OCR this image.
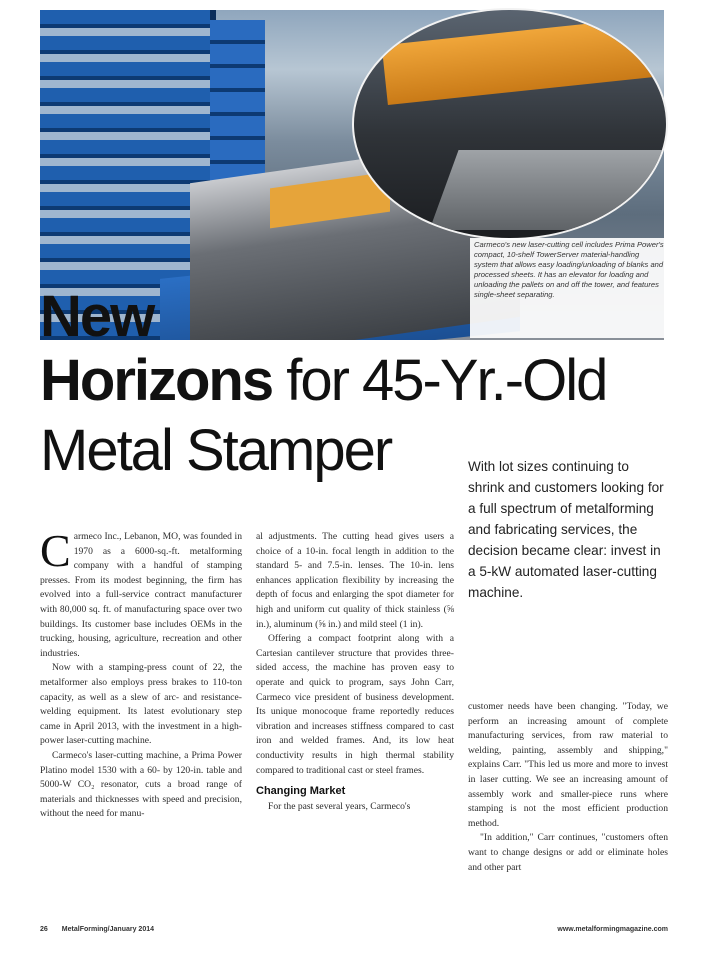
Carmeco's new laser-cutting cell includes Prima Power's compact, 10-shelf TowerServer material-handling system that allows easy loading/unloading of blanks and processed sheets. It has an elevator for loading and unloading the pallets on and off the tower, and features single-sheet separating.
New
Horizons for 45-Yr.-Old
Metal Stamper	With lot sizes continuing to shrink and customers looking for a full spectrum of metalforming and fabricating services, the decision became clear: invest in a 5-kW automated laser-cutting machine.

Carmeco Inc., Lebanon, MO, was founded in 1970 as a 6000-sq.-ft. metalforming company with a handful of stamping presses. From its modest beginning, the firm has evolved into a full-service contract manufacturer with 80,000 sq. ft. of manufacturing space over two buildings. Its customer base includes OEMs in the trucking, housing, agriculture, recreation and other industries.

Now with a stamping-press count of 22, the metalformer also employs press brakes to 110-ton capacity, as well as a slew of arc- and resistance-welding equipment. Its latest evolutionary step came in April 2013, with the investment in a high-power laser-cutting machine.

Carmeco's laser-cutting machine, a Prima Power Platino model 1530 with a 60- by 120-in. table and 5000-W CO₂ resonator, cuts a broad range of materials and thicknesses with speed and precision, without the need for manu-

al adjustments. The cutting head gives users a choice of a 10-in. focal length in addition to the standard 5- and 7.5-in. lenses. The 10-in. lens enhances application flexibility by increasing the depth of focus and enlarging the spot diameter for high and uniform cut quality of thick stainless (⅝ in.), aluminum (⅝ in.) and mild steel (1 in).

Offering a compact footprint along with a Cartesian cantilever structure that provides three-sided access, the machine has proven easy to operate and quick to program, says John Carr, Carmeco vice president of business development. Its unique monocoque frame reportedly reduces vibration and increases stiffness compared to cast iron and welded frames. And, its low heat conductivity results in high thermal stability compared to traditional cast or steel frames.

Changing Market

For the past several years, Carmeco's

customer needs have been changing. "Today, we perform an increasing amount of complete manufacturing services, from raw material to welding, painting, assembly and shipping," explains Carr. "This led us more and more to invest in laser cutting. We see an increasing amount of assembly work and smaller-piece runs where stamping is not the most efficient production method.

"In addition," Carr continues, "customers often want to change designs or add or eliminate holes and other part

26 MetalForming/January 2014	www.metalformingmagazine.com
